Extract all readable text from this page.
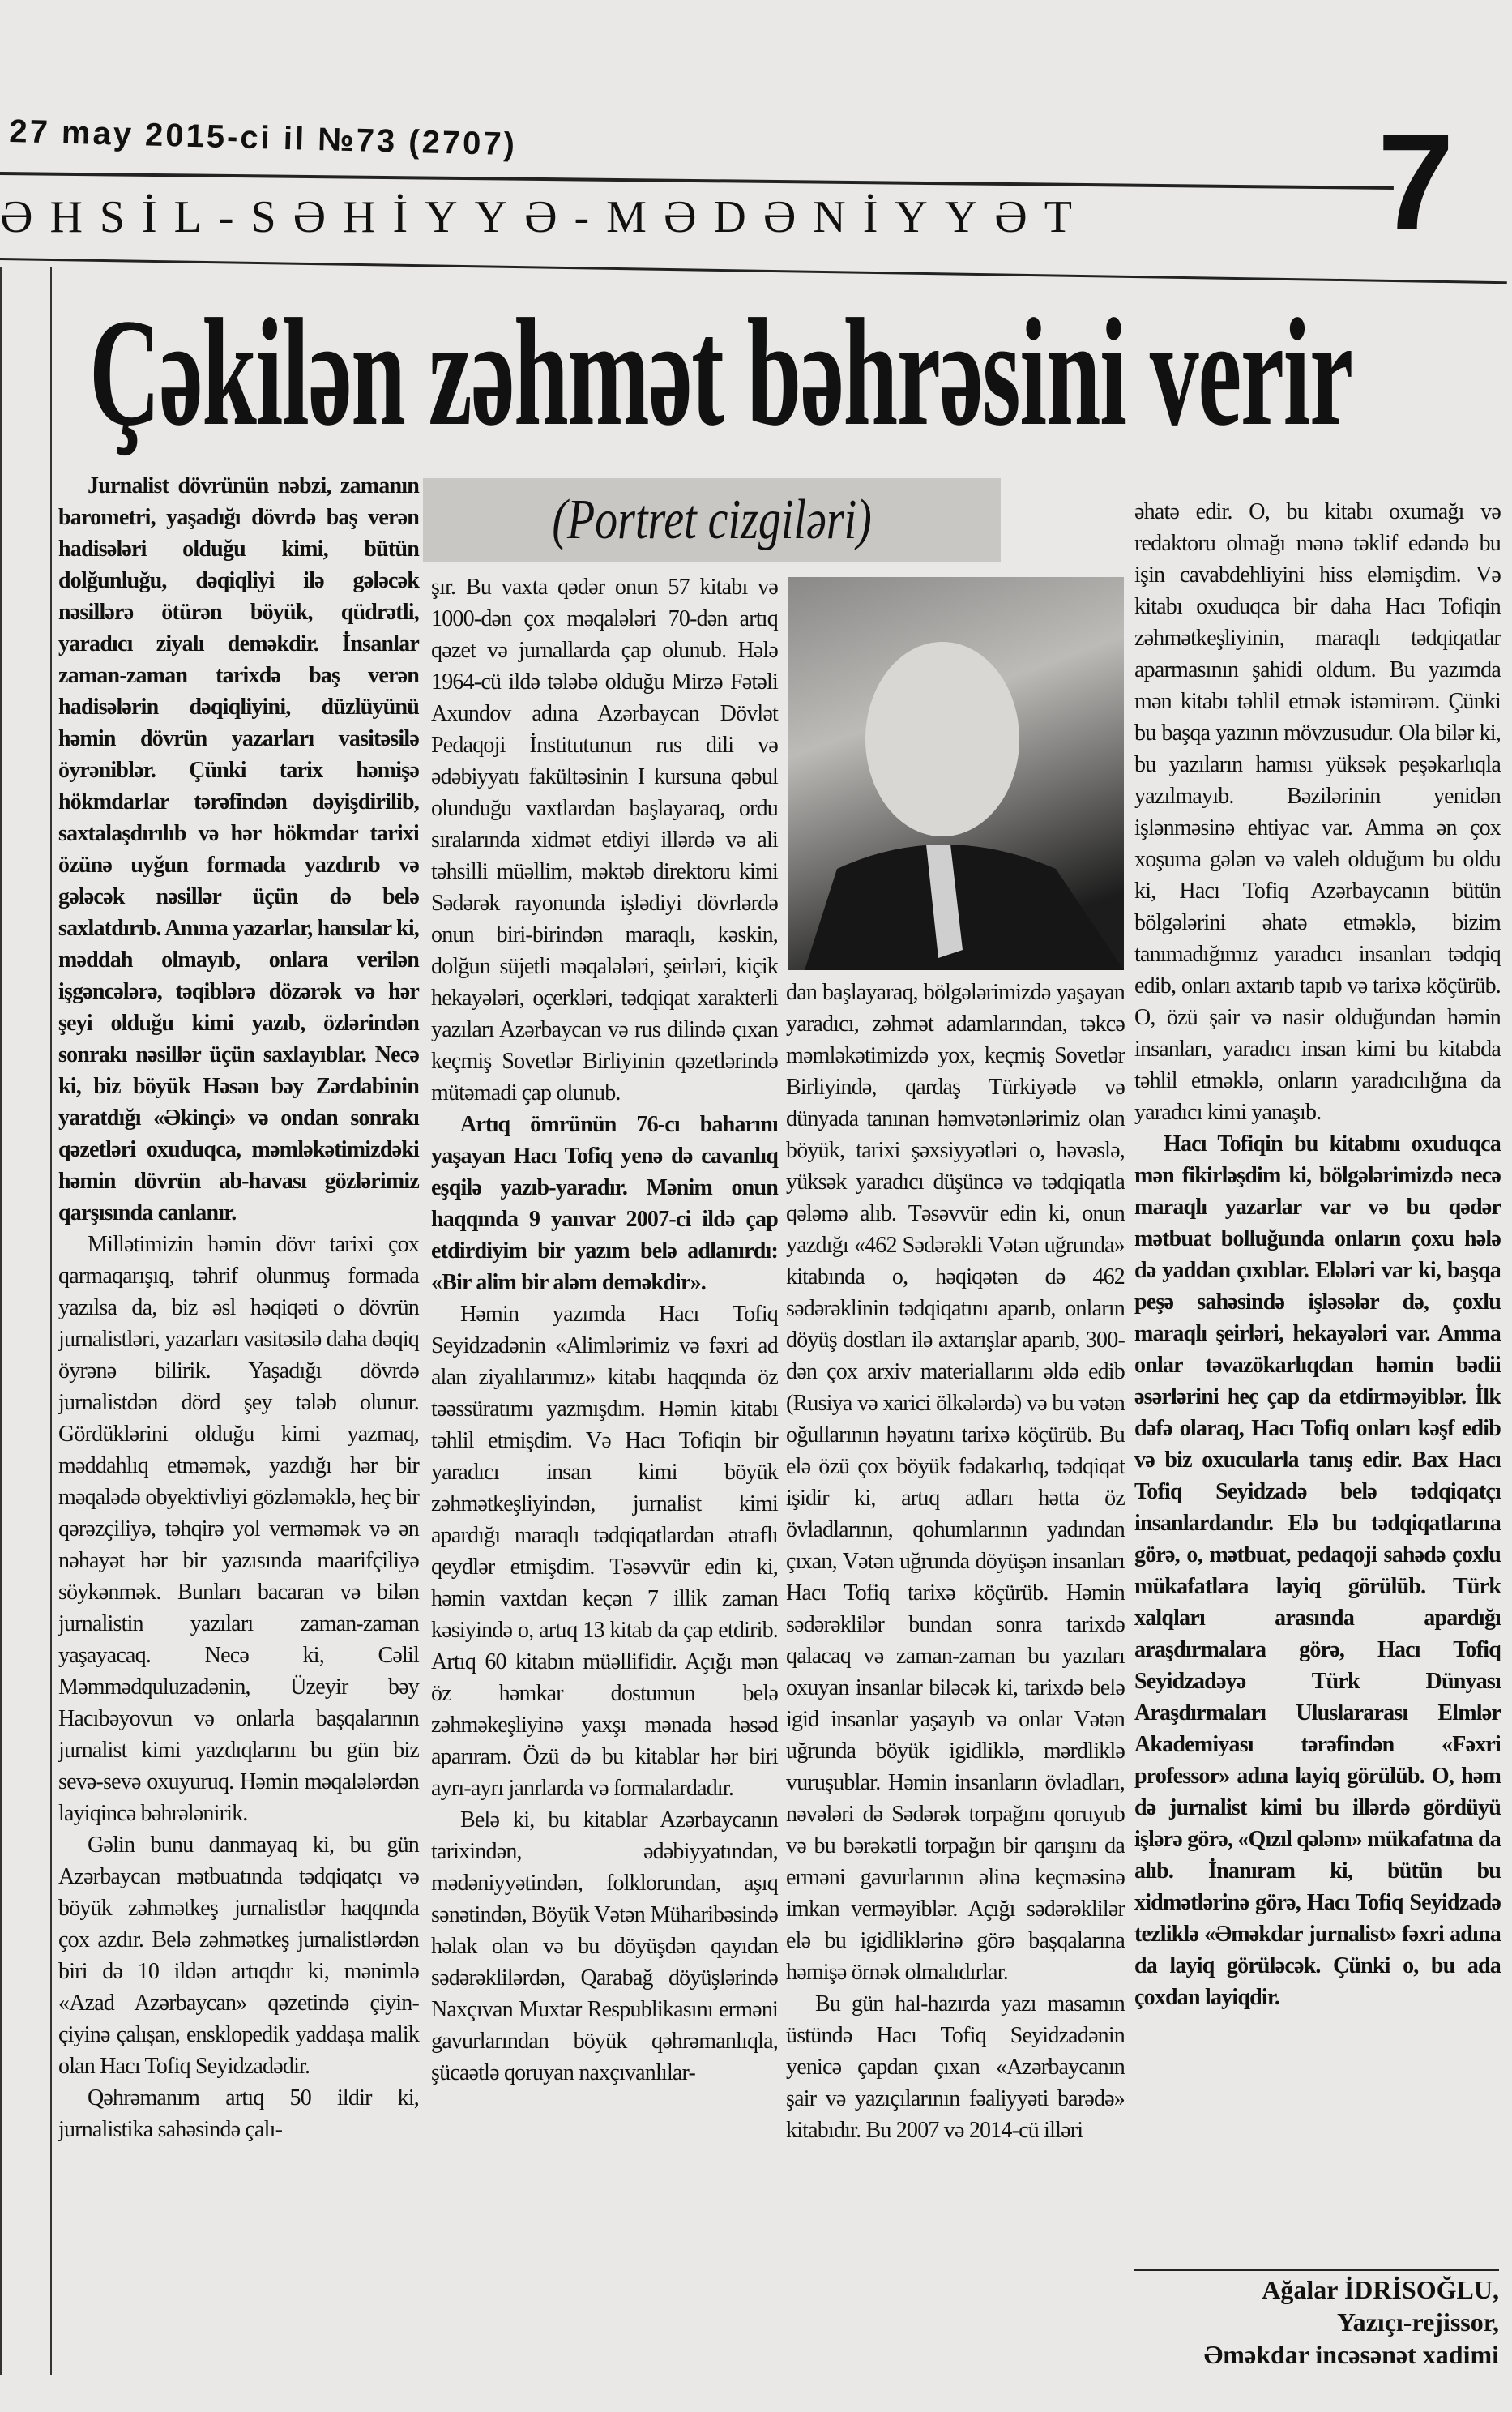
27 may 2015-ci il №73 (2707)
ƏHSİL-SƏHİYYƏ-MƏDƏNİYYƏT 7
Çəkilən zəhmət bəhrəsini verir
(Portret cizgiləri)

Jurnalist dövrünün nəbzi, zamanın barometri, yaşadığı dövrdə baş verən hadisələri olduğu kimi, bütün dolğunluğu, dəqiqliyi ilə gələcək nəsillərə ötürən böyük, qüdrətli, yaradıcı ziyalı deməkdir. İnsanlar zaman-zaman tarixdə baş verən hadisələrin dəqiqliyini, düzlüyünü həmin dövrün yazarları vasitəsilə öyrəniblər. Çünki tarix həmişə hökmdarlar tərəfindən dəyişdirilib, saxtalaşdırılıb və hər hökmdar tarixi özünə uyğun formada yazdırıb və gələcək nəsillər üçün də belə saxlatdırıb. Amma yazarlar, hansılar ki, məddah olmayıb, onlara verilən işgəncələrə, təqiblərə dözərək və hər şeyi olduğu kimi yazıb, özlərindən sonrakı nəsillər üçün saxlayıblar. Necə ki, biz böyük Həsən bəy Zərdabinin yaratdığı «Əkinçi» və ondan sonrakı qəzetləri oxuduqca, məmləkətimizdəki həmin dövrün ab-havası gözlərimiz qarşısında canlanır.

Millətimizin həmin dövr tarixi çox qarmaqarışıq, təhrif olunmuş formada yazılsa da, biz əsl həqiqəti o dövrün jurnalistləri, yazarları vasitəsilə daha dəqiq öyrənə bilirik. Yaşadığı dövrdə jurnalistdən dörd şey tələb olunur. Gördüklərini olduğu kimi yazmaq, məddahlıq etməmək, yazdığı hər bir məqalədə obyektivliyi gözləməklə, heç bir qərəzçiliyə, təhqirə yol verməmək və ən nəhayət hər bir yazısında maarifçiliyə söykənmək. Bunları bacaran və bilən jurnalistin yazıları zaman-zaman yaşayacaq. Necə ki, Cəlil Məmmədquluzadənin, Üzeyir bəy Hacıbəyovun və onlarla başqalarının jurnalist kimi yazdıqlarını bu gün biz sevə-sevə oxuyuruq. Həmin məqalələrdən layiqincə bəhrələnirik.

Gəlin bunu danmayaq ki, bu gün Azərbaycan mətbuatında tədqiqatçı və böyük zəhmətkeş jurnalistlər haqqında çox azdır. Belə zəhmətkeş jurnalistlərdən biri də 10 ildən artıqdır ki, mənimlə «Azad Azərbaycan» qəzetində çiyin-çiyinə çalışan, ensklopedik yaddaşa malik olan Hacı Tofiq Seyidzadədir.

Qəhrəmanım artıq 50 ildir ki, jurnalistika sahəsində çalı-

şır. Bu vaxta qədər onun 57 kitabı və 1000-dən çox məqalələri 70-dən artıq qəzet və jurnallarda çap olunub. Hələ 1964-cü ildə tələbə olduğu Mirzə Fətəli Axundov adına Azərbaycan Dövlət Pedaqoji İnstitutunun rus dili və ədəbiyyatı fakültəsinin I kursuna qəbul olunduğu vaxtlardan başlayaraq, ordu sıralarında xidmət etdiyi illərdə və ali təhsilli müəllim, məktəb direktoru kimi Sədərək rayonunda işlədiyi dövrlərdə onun biri-birindən maraqlı, kəskin, dolğun süjetli məqalələri, şeirləri, kiçik hekayələri, oçerkləri, tədqiqat xarakterli yazıları Azərbaycan və rus dilində çıxan keçmiş Sovetlər Birliyinin qəzetlərində mütəmadi çap olunub.

Artıq ömrünün 76-cı baharını yaşayan Hacı Tofiq yenə də cavanlıq eşqilə yazıb-yaradır. Mənim onun haqqında 9 yanvar 2007-ci ildə çap etdirdiyim bir yazım belə adlanırdı: «Bir alim bir aləm deməkdir».

Həmin yazımda Hacı Tofiq Seyidzadənin «Alimlərimiz və fəxri ad alan ziyalılarımız» kitabı haqqında öz təəssüratımı yazmışdım. Həmin kitabı təhlil etmişdim. Və Hacı Tofiqin bir yaradıcı insan kimi böyük zəhmətkeşliyindən, jurnalist kimi apardığı maraqlı tədqiqatlardan ətraflı qeydlər etmişdim. Təsəvvür edin ki, həmin vaxtdan keçən 7 illik zaman kəsiyində o, artıq 13 kitab da çap etdirib. Artıq 60 kitabın müəllifidir. Açığı mən öz həmkar dostumun belə zəhməkeşliyinə yaxşı mənada həsəd aparıram. Özü də bu kitablar hər biri ayrı-ayrı janrlarda və formalardadır.

Belə ki, bu kitablar Azərbaycanın tarixindən, ədəbiyyatından, mədəniyyətindən, folklorundan, aşıq sənətindən, Böyük Vətən Müharibəsində həlak olan və bu döyüşdən qayıdan sədərəklilərdən, Qarabağ döyüşlərində Naxçıvan Muxtar Respublikasını erməni gavurlarından böyük qəhrəmanlıqla, şücaətlə qoruyan naxçıvanlılar-

dan başlayaraq, bölgələrimizdə yaşayan yaradıcı, zəhmət adamlarından, təkcə məmləkətimizdə yox, keçmiş Sovetlər Birliyində, qardaş Türkiyədə və dünyada tanınan həmvətənlərimiz olan böyük, tarixi şəxsiyyətləri o, həvəslə, yüksək yaradıcı düşüncə və tədqiqatla qələmə alıb. Təsəvvür edin ki, onun yazdığı «462 Sədərəkli Vətən uğrunda» kitabında o, həqiqətən də 462 sədərəklinin tədqiqatını aparıb, onların döyüş dostları ilə axtarışlar aparıb, 300-dən çox arxiv materiallarını əldə edib (Rusiya və xarici ölkələrdə) və bu vətən oğullarının həyatını tarixə köçürüb. Bu elə özü çox böyük fədakarlıq, tədqiqat işidir ki, artıq adları hətta öz övladlarının, qohumlarının yadından çıxan, Vətən uğrunda döyüşən insanları Hacı Tofiq tarixə köçürüb. Həmin sədərəklilər bundan sonra tarixdə qalacaq və zaman-zaman bu yazıları oxuyan insanlar biləcək ki, tarixdə belə igid insanlar yaşayıb və onlar Vətən uğrunda böyük igidliklə, mərdliklə vuruşublar. Həmin insanların övladları, nəvələri də Sədərək torpağını qoruyub və bu bərəkətli torpağın bir qarışını da erməni gavurlarının əlinə keçməsinə imkan verməyiblər. Açığı sədərəklilər elə bu igidliklərinə görə başqalarına həmişə örnək olmalıdırlar.

Bu gün hal-hazırda yazı masamın üstündə Hacı Tofiq Seyidzadənin yenicə çapdan çıxan «Azərbaycanın şair və yazıçılarının fəaliyyəti barədə» kitabıdır. Bu 2007 və 2014-cü illəri

əhatə edir. O, bu kitabı oxumağı və redaktoru olmağı mənə təklif edəndə bu işin cavabdehliyini hiss eləmişdim. Və kitabı oxuduqca bir daha Hacı Tofiqin zəhmətkeşliyinin, maraqlı tədqiqatlar aparmasının şahidi oldum. Bu yazımda mən kitabı təhlil etmək istəmirəm. Çünki bu başqa yazının mövzusudur. Ola bilər ki, bu yazıların hamısı yüksək peşəkarlıqla yazılmayıb. Bəzilərinin yenidən işlənməsinə ehtiyac var. Amma ən çox xoşuma gələn və valeh olduğum bu oldu ki, Hacı Tofiq Azərbaycanın bütün bölgələrini əhatə etməklə, bizim tanımadığımız yaradıcı insanları tədqiq edib, onları axtarıb tapıb və tarixə köçürüb. O, özü şair və nasir olduğundan həmin insanları, yaradıcı insan kimi bu kitabda təhlil etməklə, onların yaradıcılığına da yaradıcı kimi yanaşıb.

Hacı Tofiqin bu kitabını oxuduqca mən fikirləşdim ki, bölgələrimizdə necə maraqlı yazarlar var və bu qədər mətbuat bolluğunda onların çoxu hələ də yaddan çıxıblar. Elələri var ki, başqa peşə sahəsində işləsələr də, çoxlu maraqlı şeirləri, hekayələri var. Amma onlar təvazökarlıqdan həmin bədii əsərlərini heç çap da etdirməyiblər. İlk dəfə olaraq, Hacı Tofiq onları kəşf edib və biz oxucularla tanış edir. Bax Hacı Tofiq Seyidzadə belə tədqiqatçı insanlardandır. Elə bu tədqiqatlarına görə, o, mətbuat, pedaqoji sahədə çoxlu mükafatlara layiq görülüb. Türk xalqları arasında apardığı araşdırmalara görə, Hacı Tofiq Seyidzadəyə Türk Dünyası Araşdırmaları Uluslararası Elmlər Akademiyası tərəfindən «Fəxri professor» adına layiq görülüb. O, həm də jurnalist kimi bu illərdə gördüyü işlərə görə, «Qızıl qələm» mükafatına da alıb. İnanıram ki, bütün bu xidmətlərinə görə, Hacı Tofiq Seyidzadə tezliklə «Əməkdar jurnalist» fəxri adına da layiq görüləcək. Çünki o, bu ada çoxdan layiqdir.

Ağalar İDRİSOĞLU,
Yazıçı-rejissor,
Əməkdar incəsənət xadimi
